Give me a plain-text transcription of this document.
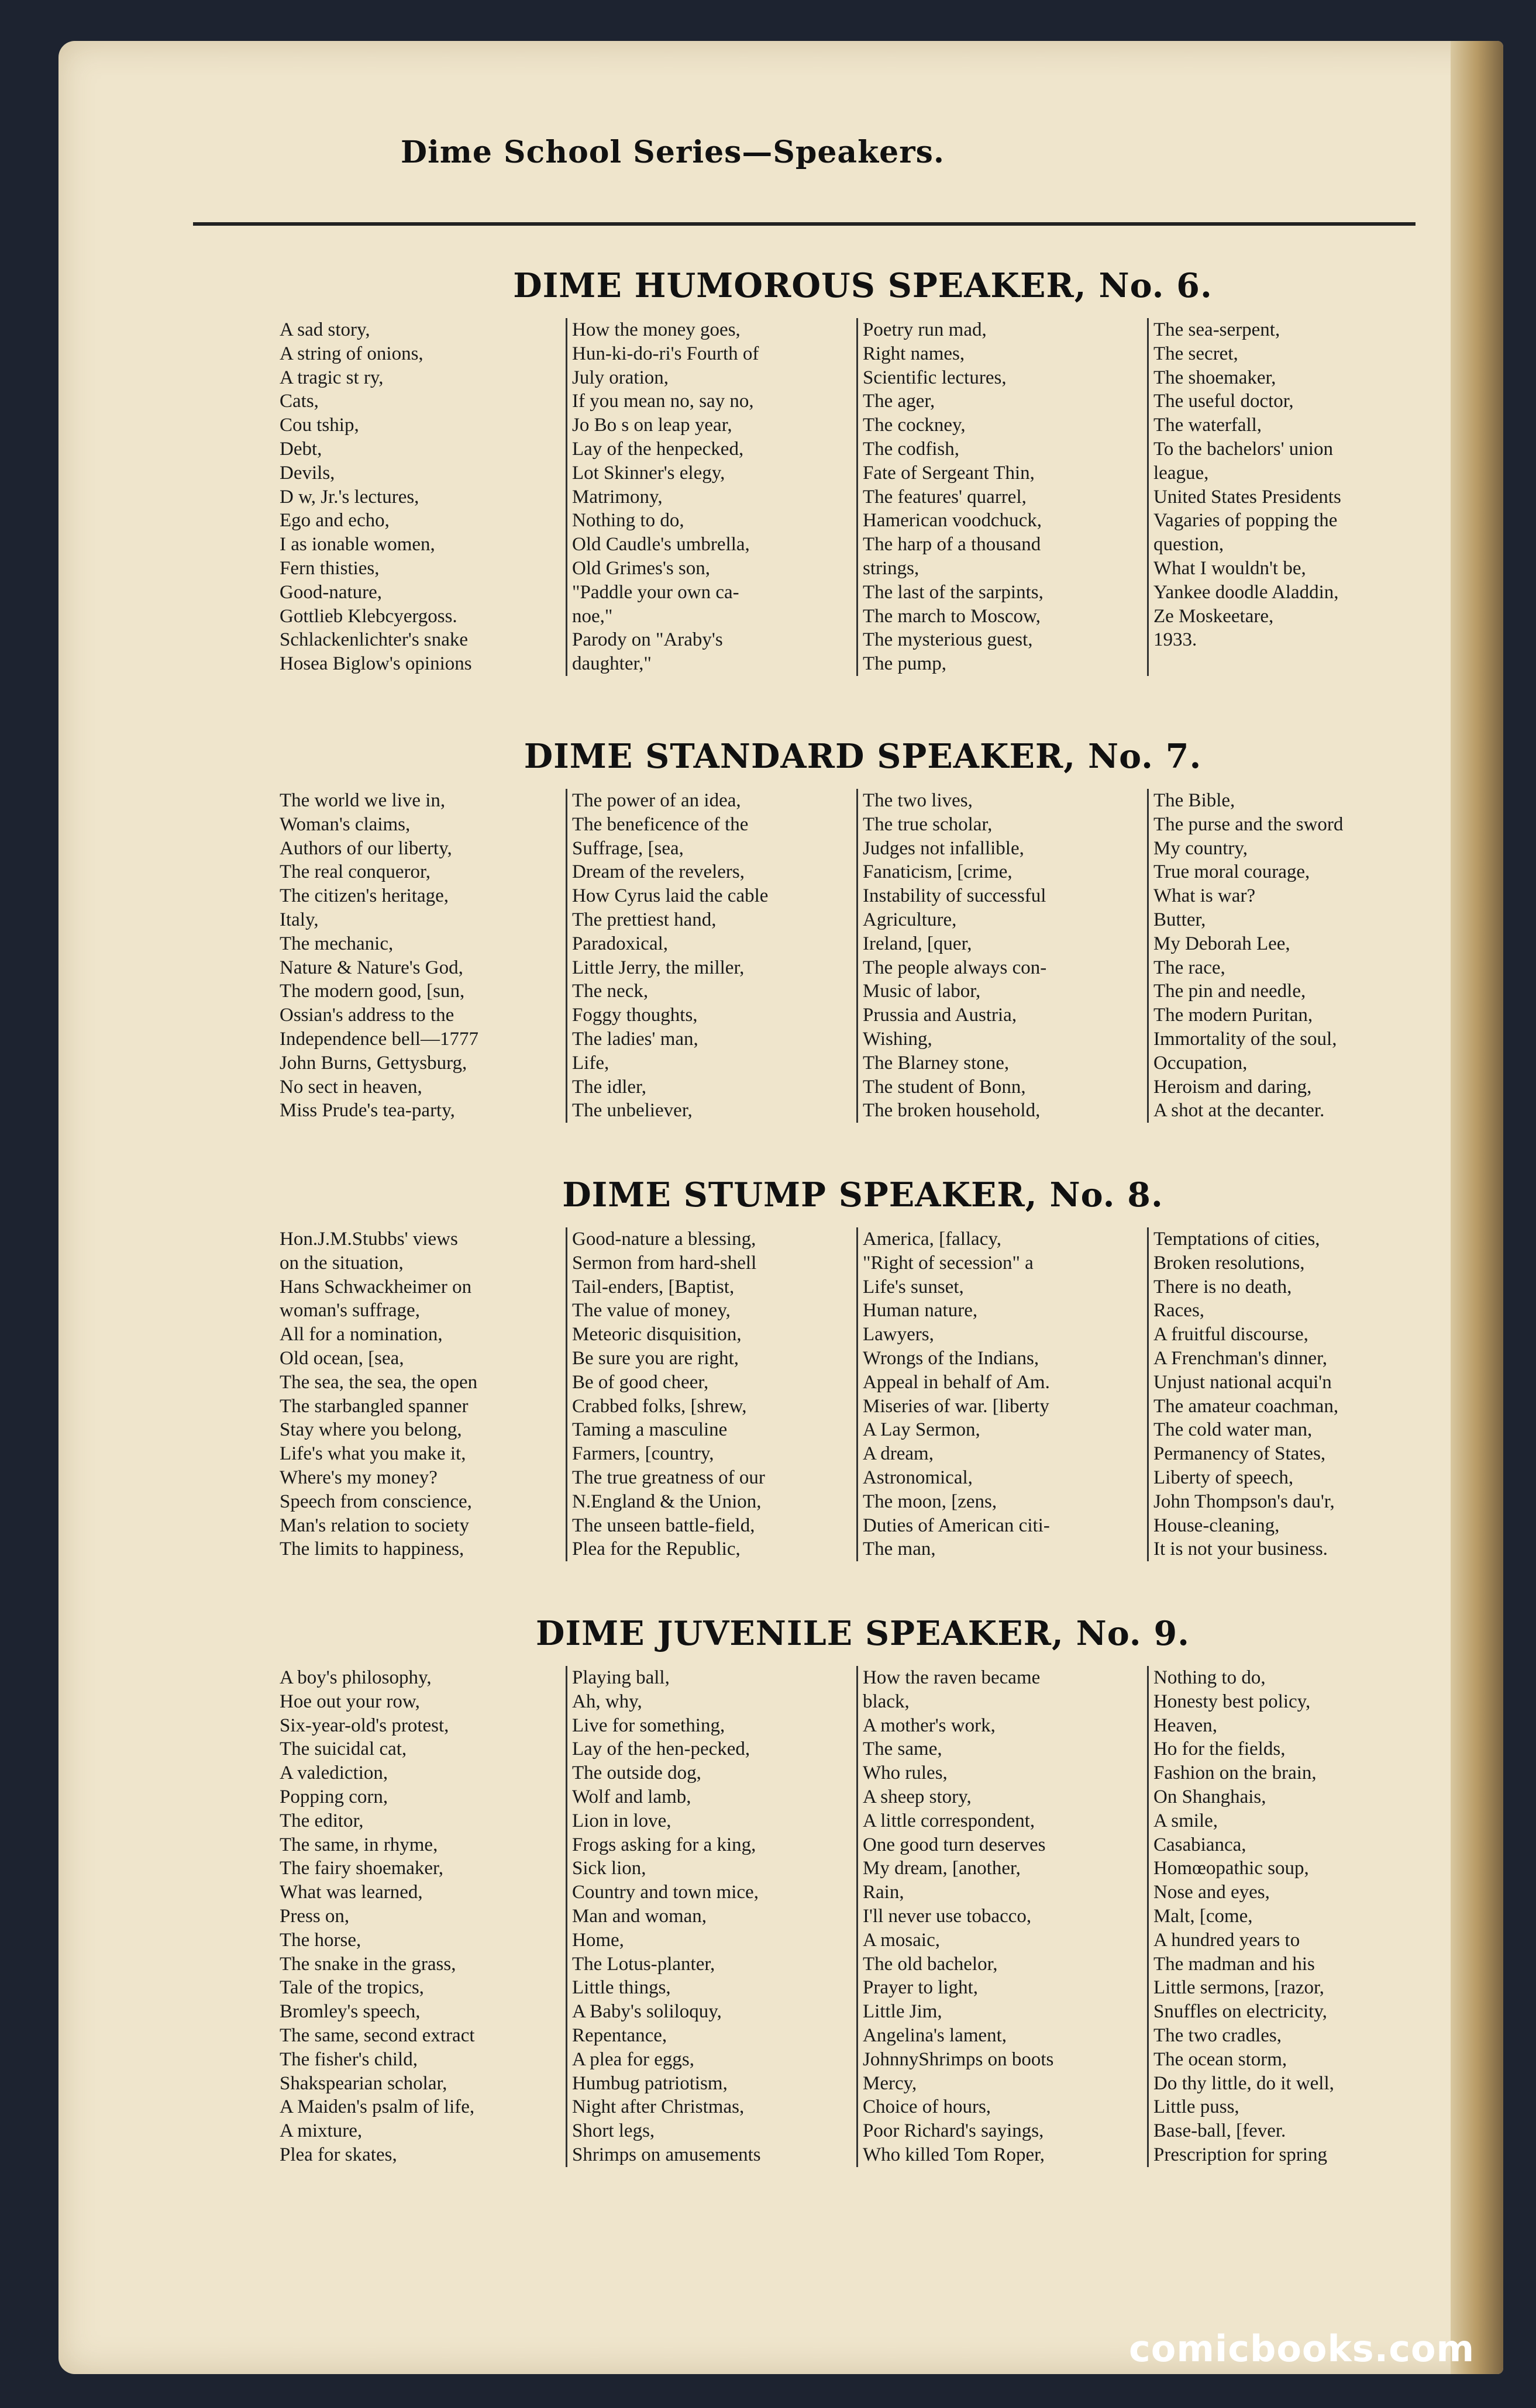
Dime School Series—Speakers.
DIME HUMOROUS SPEAKER, No. 6.
A sad story,
A string of onions,
A tragic st ry,
Cats,
Cou tship,
Debt,
Devils,
D w, Jr.'s lectures,
Ego and echo,
I as ionable women,
Fern thisties,
Good-nature,
Gottlieb Klebcyergoss.
Schlackenlichter's snake
Hosea Biglow's opinions
How the money goes,
Hun-ki-do-ri's Fourth of
July oration,
If you mean no, say no,
Jo Bo s on leap year,
Lay of the henpecked,
Lot Skinner's elegy,
Matrimony,
Nothing to do,
Old Caudle's umbrella,
Old Grimes's son,
"Paddle your own ca-
noe,"
Parody on "Araby's
daughter,"
Poetry run mad,
Right names,
Scientific lectures,
The ager,
The cockney,
The codfish,
Fate of Sergeant Thin,
The features' quarrel,
Hamerican voodchuck,
The harp of a thousand
strings,
The last of the sarpints,
The march to Moscow,
The mysterious guest,
The pump,
The sea-serpent,
The secret,
The shoemaker,
The useful doctor,
The waterfall,
To the bachelors' union
league,
United States Presidents
Vagaries of popping the
question,
What I wouldn't be,
Yankee doodle Aladdin,
Ze Moskeetare,
1933.
DIME STANDARD SPEAKER, No. 7.
The world we live in,
Woman's claims,
Authors of our liberty,
The real conqueror,
The citizen's heritage,
Italy,
The mechanic,
Nature & Nature's God,
The modern good, [sun,
Ossian's address to the
Independence bell—1777
John Burns, Gettysburg,
No sect in heaven,
Miss Prude's tea-party,
The power of an idea,
The beneficence of the
Suffrage, [sea,
Dream of the revelers,
How Cyrus laid the cable
The prettiest hand,
Paradoxical,
Little Jerry, the miller,
The neck,
Foggy thoughts,
The ladies' man,
Life,
The idler,
The unbeliever,
The two lives,
The true scholar,
Judges not infallible,
Fanaticism, [crime,
Instability of successful
Agriculture,
Ireland, [quer,
The people always con-
Music of labor,
Prussia and Austria,
Wishing,
The Blarney stone,
The student of Bonn,
The broken household,
The Bible,
The purse and the sword
My country,
True moral courage,
What is war?
Butter,
My Deborah Lee,
The race,
The pin and needle,
The modern Puritan,
Immortality of the soul,
Occupation,
Heroism and daring,
A shot at the decanter.
DIME STUMP SPEAKER, No. 8.
Hon.J.M.Stubbs' views
on the situation,
Hans Schwackheimer on
woman's suffrage,
All for a nomination,
Old ocean, [sea,
The sea, the sea, the open
The starbangled spanner
Stay where you belong,
Life's what you make it,
Where's my money?
Speech from conscience,
Man's relation to society
The limits to happiness,
Good-nature a blessing,
Sermon from hard-shell
Tail-enders, [Baptist,
The value of money,
Meteoric disquisition,
Be sure you are right,
Be of good cheer,
Crabbed folks, [shrew,
Taming a masculine
Farmers, [country,
The true greatness of our
N.England & the Union,
The unseen battle-field,
Plea for the Republic,
America, [fallacy,
"Right of secession" a
Life's sunset,
Human nature,
Lawyers,
Wrongs of the Indians,
Appeal in behalf of Am.
Miseries of war. [liberty
A Lay Sermon,
A dream,
Astronomical,
The moon, [zens,
Duties of American citi-
The man,
Temptations of cities,
Broken resolutions,
There is no death,
Races,
A fruitful discourse,
A Frenchman's dinner,
Unjust national acqui'n
The amateur coachman,
The cold water man,
Permanency of States,
Liberty of speech,
John Thompson's dau'r,
House-cleaning,
It is not your business.
DIME JUVENILE SPEAKER, No. 9.
A boy's philosophy,
Hoe out your row,
Six-year-old's protest,
The suicidal cat,
A valediction,
Popping corn,
The editor,
The same, in rhyme,
The fairy shoemaker,
What was learned,
Press on,
The horse,
The snake in the grass,
Tale of the tropics,
Bromley's speech,
The same, second extract
The fisher's child,
Shakspearian scholar,
A Maiden's psalm of life,
A mixture,
Plea for skates,
Playing ball,
Ah, why,
Live for something,
Lay of the hen-pecked,
The outside dog,
Wolf and lamb,
Lion in love,
Frogs asking for a king,
Sick lion,
Country and town mice,
Man and woman,
Home,
The Lotus-planter,
Little things,
A Baby's soliloquy,
Repentance,
A plea for eggs,
Humbug patriotism,
Night after Christmas,
Short legs,
Shrimps on amusements
How the raven became
black,
A mother's work,
The same,
Who rules,
A sheep story,
A little correspondent,
One good turn deserves
My dream, [another,
Rain,
I'll never use tobacco,
A mosaic,
The old bachelor,
Prayer to light,
Little Jim,
Angelina's lament,
JohnnyShrimps on boots
Mercy,
Choice of hours,
Poor Richard's sayings,
Who killed Tom Roper,
Nothing to do,
Honesty best policy,
Heaven,
Ho for the fields,
Fashion on the brain,
On Shanghais,
A smile,
Casabianca,
Homœopathic soup,
Nose and eyes,
Malt, [come,
A hundred years to
The madman and his
Little sermons, [razor,
Snuffles on electricity,
The two cradles,
The ocean storm,
Do thy little, do it well,
Little puss,
Base-ball, [fever.
Prescription for spring
comicbooks.com
